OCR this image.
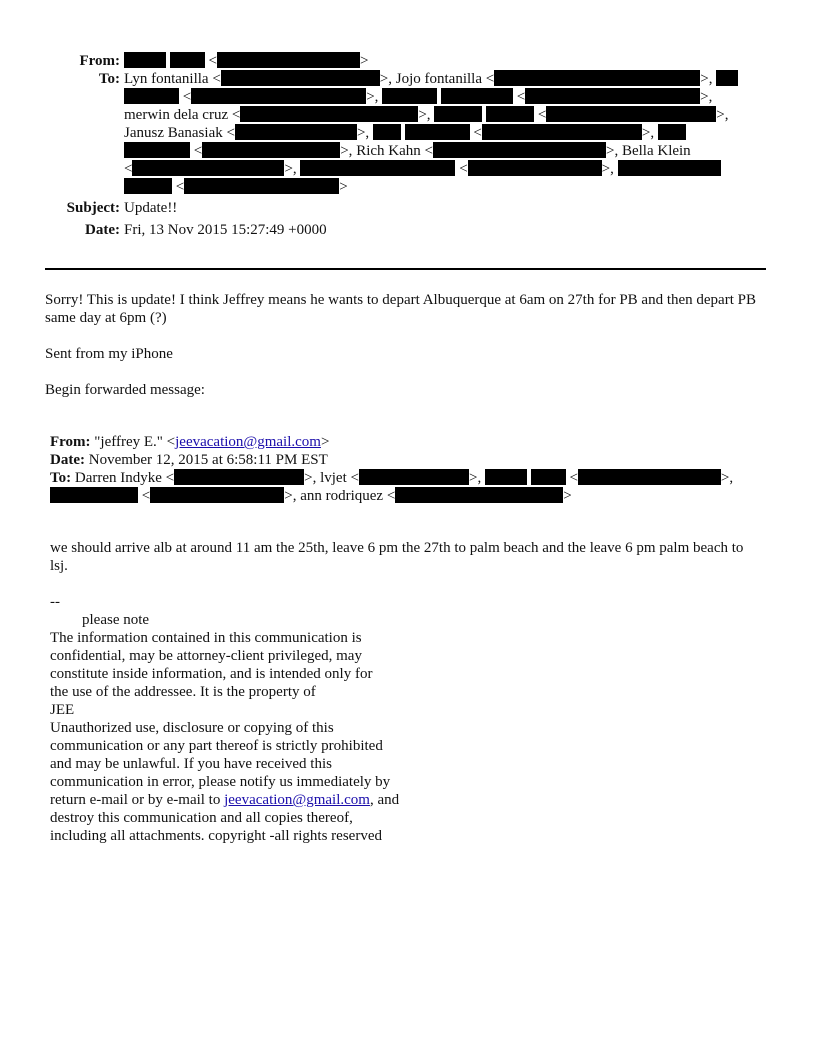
From:	<	>
To: Lyn fontanilla <	>, Jojo fontanilla <	>,
<	>,	<	>,
merwin dela cruz <	>,	<	>,
Janusz Banasiak <	>,	<	>,
<	>, Rich Kahn <	>, Bella Klein
<	>,	<	>,
<	>
Subject: Update!!
Date: Fri, 13 Nov 2015 15:27:49 +0000

Sorry! This is update! I think Jeffrey means he wants to depart Albuquerque at 6am on 27th for PB and then depart PB same day at 6pm (?)

Sent from my iPhone

Begin forwarded message:

From: "jeffrey E." <jeevacation@gmail.com>
Date: November 12, 2015 at 6:58:11 PM EST
To: Darren Indyke <	>, lvjet <	>,	<	>,
<	>, ann rodriquez <	>
we should arrive alb at around 11 am the 25th, leave 6 pm the 27th to palm beach and the leave 6 pm palm beach to lsj.
--
please note
The information contained in this communication is
confidential, may be attorney-client privileged, may
constitute inside information, and is intended only for
the use of the addressee. It is the property of
JEE
Unauthorized use, disclosure or copying of this
communication or any part thereof is strictly prohibited
and may be unlawful. If you have received this
communication in error, please notify us immediately by
return e-mail or by e-mail to jeevacation@gmail.com, and
destroy this communication and all copies thereof,
including all attachments. copyright -all rights reserved
